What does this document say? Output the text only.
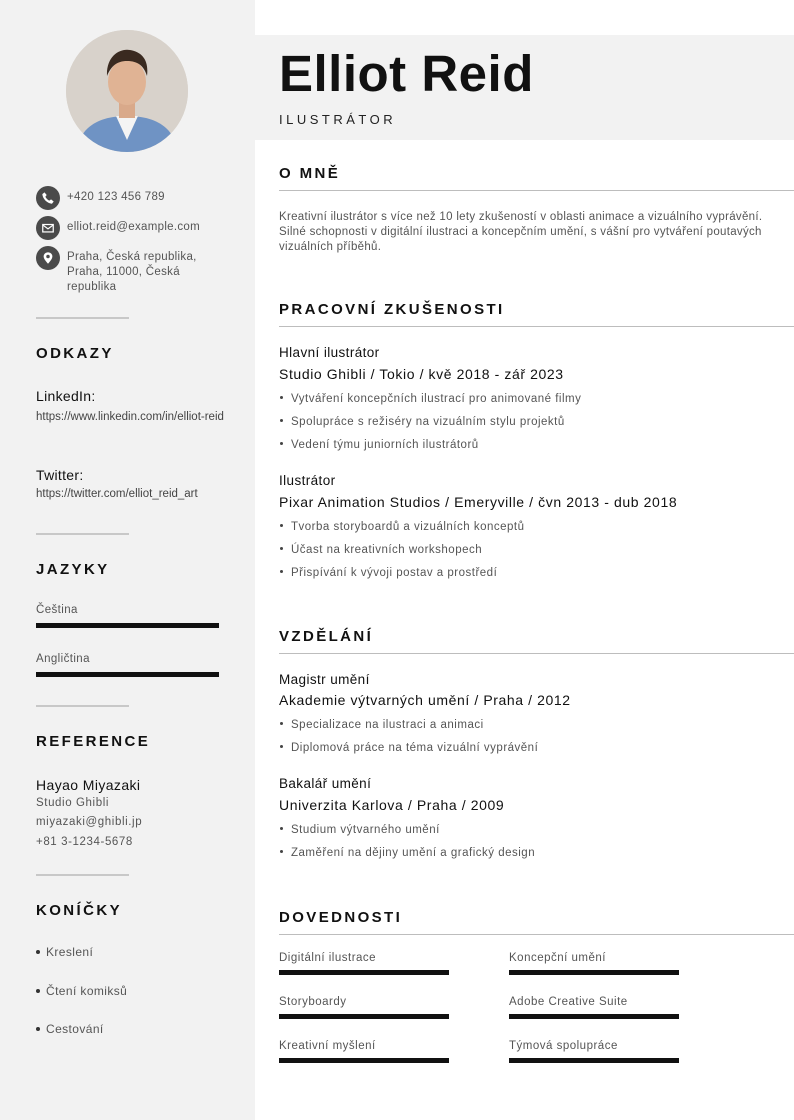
+420 123 456 789
elliot.reid@example.com
Praha, Česká republika, Praha, 11000, Česká republika
ODKAZY
LinkedIn:
https://www.linkedin.com/in/elliot-reid
Twitter:
https://twitter.com/elliot_reid_art
JAZYKY
Čeština
Angličtina
REFERENCE
Hayao Miyazaki
Studio Ghibli
miyazaki@ghibli.jp
+81 3-1234-5678
KONÍČKY
Kreslení
Čtení komiksů
Cestování
Elliot Reid
ILUSTRÁTOR
O MNĚ
Kreativní ilustrátor s více než 10 lety zkušeností v oblasti animace a vizuálního vyprávění. Silné schopnosti v digitální ilustraci a koncepčním umění, s vášní pro vytváření poutavých vizuálních příběhů.
PRACOVNÍ ZKUŠENOSTI
Hlavní ilustrátor
Studio Ghibli / Tokio / kvě 2018 - zář 2023
Vytváření koncepčních ilustrací pro animované filmy
Spolupráce s režiséry na vizuálním stylu projektů
Vedení týmu juniorních ilustrátorů
Ilustrátor
Pixar Animation Studios / Emeryville / čvn 2013 - dub 2018
Tvorba storyboardů a vizuálních konceptů
Účast na kreativních workshopech
Přispívání k vývoji postav a prostředí
VZDĚLÁNÍ
Magistr umění
Akademie výtvarných umění / Praha / 2012
Specializace na ilustraci a animaci
Diplomová práce na téma vizuální vyprávění
Bakalář umění
Univerzita Karlova / Praha / 2009
Studium výtvarného umění
Zaměření na dějiny umění a grafický design
DOVEDNOSTI
Digitální ilustrace	Koncepční umění
Storyboardy	Adobe Creative Suite
Kreativní myšlení	Týmová spolupráce
